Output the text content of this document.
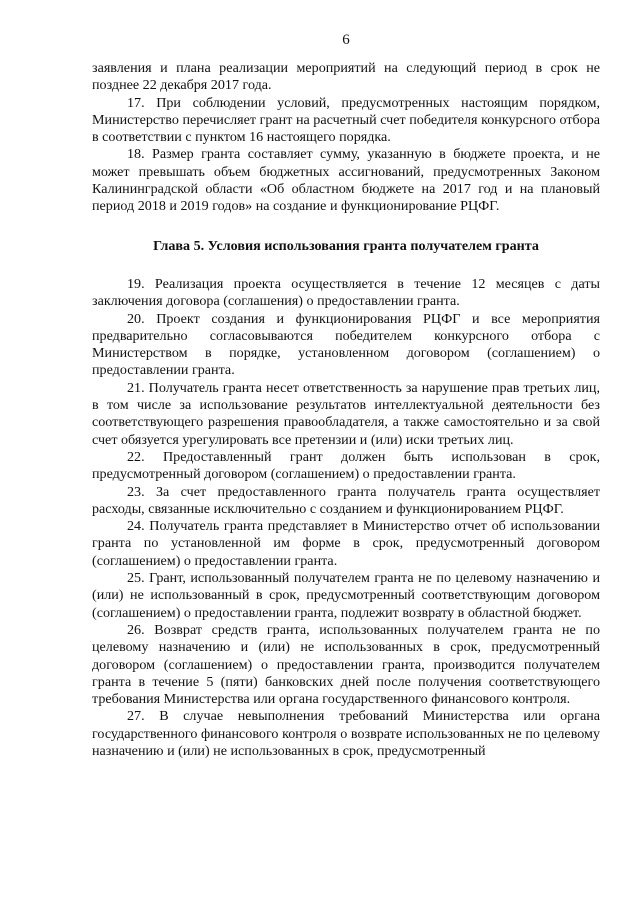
6

заявления и плана реализации мероприятий на следующий период в срок не позднее 22 декабря 2017 года.

17. При соблюдении условий, предусмотренных настоящим порядком, Министерство перечисляет грант на расчетный счет победителя конкурсного отбора в соответствии с пунктом 16 настоящего порядка.

18. Размер гранта составляет сумму, указанную в бюджете проекта, и не может превышать объем бюджетных ассигнований, предусмотренных Законом Калининградской области «Об областном бюджете на 2017 год и на плановый период 2018 и 2019 годов» на создание и функционирование РЦФГ.

Глава 5. Условия использования гранта получателем гранта

19. Реализация проекта осуществляется в течение 12 месяцев с даты заключения договора (соглашения) о предоставлении гранта.

20. Проект создания и функционирования РЦФГ и все мероприятия предварительно согласовываются победителем конкурсного отбора с Министерством в порядке, установленном договором (соглашением) о предоставлении гранта.

21. Получатель гранта несет ответственность за нарушение прав третьих лиц, в том числе за использование результатов интеллектуальной деятельности без соответствующего разрешения правообладателя, а также самостоятельно и за свой счет обязуется урегулировать все претензии и (или) иски третьих лиц.

22. Предоставленный грант должен быть использован в срок, предусмотренный договором (соглашением) о предоставлении гранта.

23. За счет предоставленного гранта получатель гранта осуществляет расходы, связанные исключительно с созданием и функционированием РЦФГ.

24. Получатель гранта представляет в Министерство отчет об использовании гранта по установленной им форме в срок, предусмотренный договором (соглашением) о предоставлении гранта.

25. Грант, использованный получателем гранта не по целевому назначению и (или) не использованный в срок, предусмотренный соответствующим договором (соглашением) о предоставлении гранта, подлежит возврату в областной бюджет.

26. Возврат средств гранта, использованных получателем гранта не по целевому назначению и (или) не использованных в срок, предусмотренный договором (соглашением) о предоставлении гранта, производится получателем гранта в течение 5 (пяти) банковских дней после получения соответствующего требования Министерства или органа государственного финансового контроля.

27. В случае невыполнения требований Министерства или органа государственного финансового контроля о возврате использованных не по целевому назначению и (или) не использованных в срок, предусмотренный
